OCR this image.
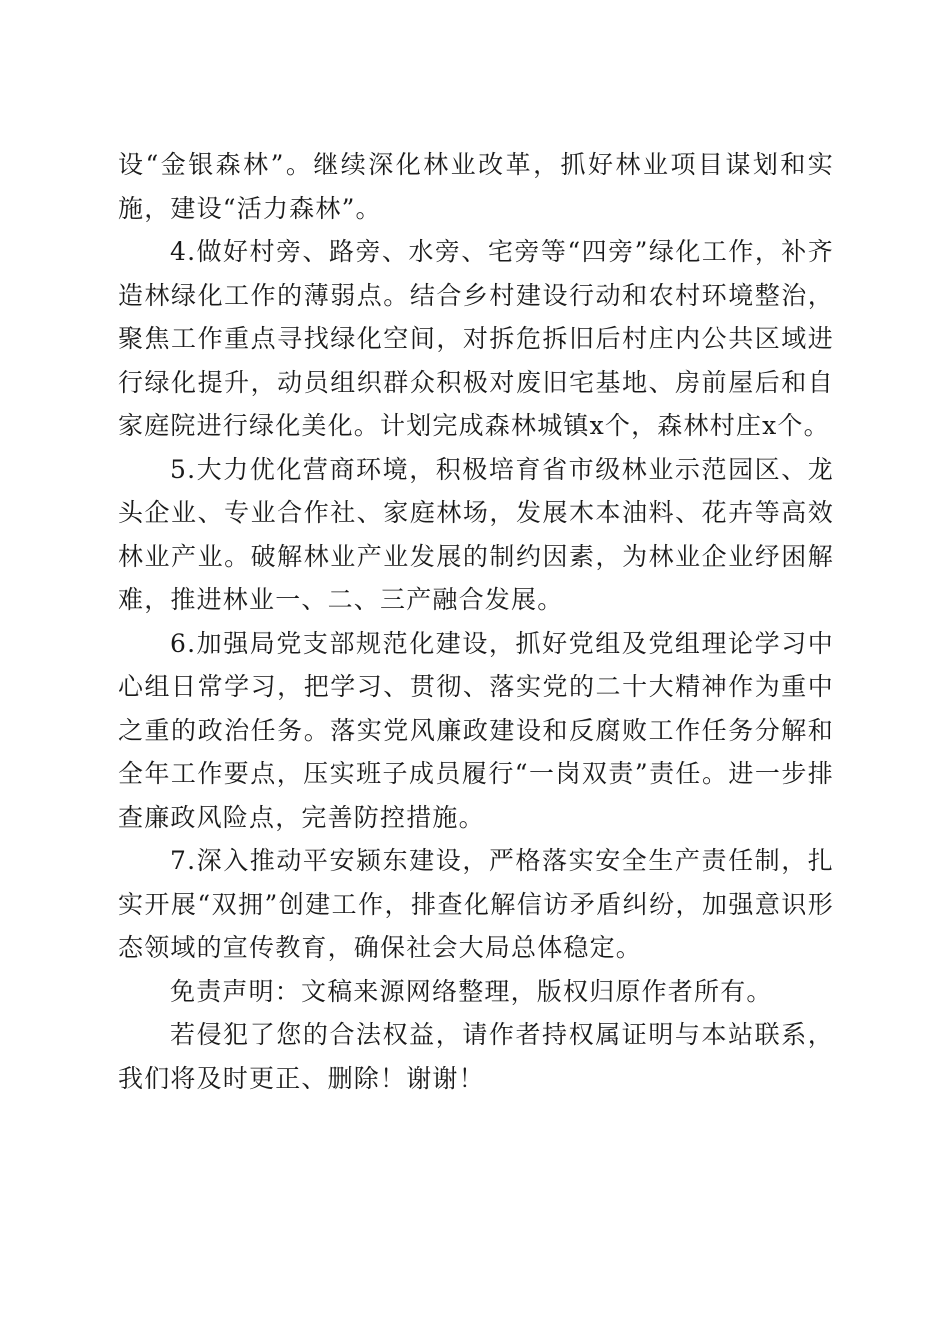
设“金银森林”。继续深化林业改革，抓好林业项目谋划和实施，建设“活力森林”。

4.做好村旁、路旁、水旁、宅旁等“四旁”绿化工作，补齐造林绿化工作的薄弱点。结合乡村建设行动和农村环境整治，聚焦工作重点寻找绿化空间，对拆危拆旧后村庄内公共区域进行绿化提升，动员组织群众积极对废旧宅基地、房前屋后和自家庭院进行绿化美化。计划完成森林城镇x个，森林村庄x个。

5.大力优化营商环境，积极培育省市级林业示范园区、龙头企业、专业合作社、家庭林场，发展木本油料、花卉等高效林业产业。破解林业产业发展的制约因素，为林业企业纾困解难，推进林业一、二、三产融合发展。

6.加强局党支部规范化建设，抓好党组及党组理论学习中心组日常学习，把学习、贯彻、落实党的二十大精神作为重中之重的政治任务。落实党风廉政建设和反腐败工作任务分解和全年工作要点，压实班子成员履行“一岗双责”责任。进一步排查廉政风险点，完善防控措施。

7.深入推动平安颍东建设，严格落实安全生产责任制，扎实开展“双拥”创建工作，排查化解信访矛盾纠纷，加强意识形态领域的宣传教育，确保社会大局总体稳定。

免责声明：文稿来源网络整理，版权归原作者所有。

若侵犯了您的合法权益，请作者持权属证明与本站联系，我们将及时更正、删除！谢谢！
